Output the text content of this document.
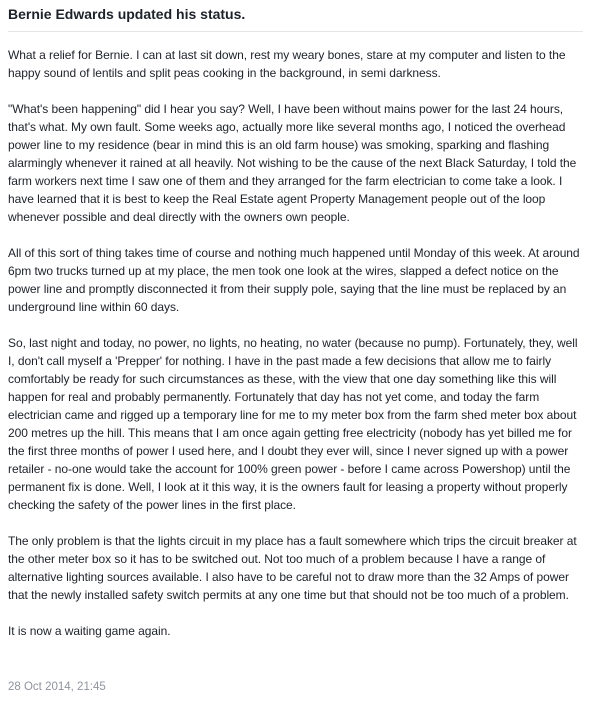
Bernie Edwards updated his status.

What a relief for Bernie. I can at last sit down, rest my weary bones, stare at my computer and listen to the happy sound of lentils and split peas cooking in the background, in semi darkness.

"What's been happening" did I hear you say? Well, I have been without mains power for the last 24 hours, that's what. My own fault. Some weeks ago, actually more like several months ago, I noticed the overhead power line to my residence (bear in mind this is an old farm house) was smoking, sparking and flashing alarmingly whenever it rained at all heavily. Not wishing to be the cause of the next Black Saturday, I told the farm workers next time I saw one of them and they arranged for the farm electrician to come take a look. I have learned that it is best to keep the Real Estate agent Property Management people out of the loop whenever possible and deal directly with the owners own people.

All of this sort of thing takes time of course and nothing much happened until Monday of this week. At around 6pm two trucks turned up at my place, the men took one look at the wires, slapped a defect notice on the power line and promptly disconnected it from their supply pole, saying that the line must be replaced by an underground line within 60 days.

So, last night and today, no power, no lights, no heating, no water (because no pump). Fortunately, they, well I, don't call myself a 'Prepper' for nothing. I have in the past made a few decisions that allow me to fairly comfortably be ready for such circumstances as these, with the view that one day something like this will happen for real and probably permanently. Fortunately that day has not yet come, and today the farm electrician came and rigged up a temporary line for me to my meter box from the farm shed meter box about 200 metres up the hill. This means that I am once again getting free electricity (nobody has yet billed me for the first three months of power I used here, and I doubt they ever will, since I never signed up with a power retailer - no-one would take the account for 100% green power - before I came across Powershop) until the permanent fix is done. Well, I look at it this way, it is the owners fault for leasing a property without properly checking the safety of the power lines in the first place.

The only problem is that the lights circuit in my place has a fault somewhere which trips the circuit breaker at the other meter box so it has to be switched out. Not too much of a problem because I have a range of alternative lighting sources available. I also have to be careful not to draw more than the 32 Amps of power that the newly installed safety switch permits at any one time but that should not be too much of a problem.

It is now a waiting game again.

28 Oct 2014, 21:45
